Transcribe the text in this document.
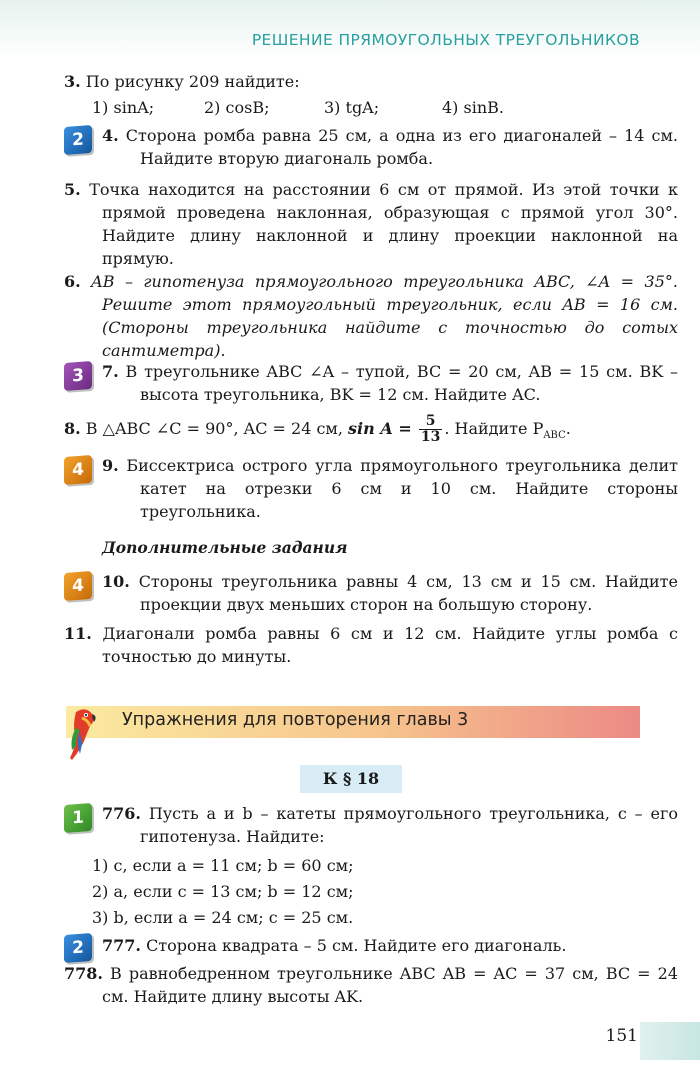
РЕШЕНИЕ ПРЯМОУГОЛЬНЫХ ТРЕУГОЛЬНИКОВ
3. По рисунку 209 найдите:
1) sinA;	2) cosB;	3) tgA;	4) sinB.
2	4. Сторона ромба равна 25 см, а одна из его диагоналей – 14 см. Найдите вторую диагональ ромба.
5. Точка находится на расстоянии 6 см от прямой. Из этой точки к прямой проведена наклонная, образующая с прямой угол 30°. Найдите длину наклонной и длину проекции наклонной на прямую.
6. AB – гипотенуза прямоугольного треугольника ABC, ∠A = 35°. Решите этот прямоугольный треугольник, если AB = 16 см. (Стороны треугольника найдите с точностью до сотых сантиметра).
3	7. В треугольнике ABC ∠A – тупой, BC = 20 см, AB = 15 см. BK – высота треугольника, BK = 12 см. Найдите AC.
8. В △ABC ∠C = 90°, AC = 24 см, $\sin A = \frac{5}{13}$ . Найдите $P_{ABC}$.
4	9. Биссектриса острого угла прямоугольного треугольника делит катет на отрезки 6 см и 10 см. Найдите стороны треугольника.
Дополнительные задания
4	10. Стороны треугольника равны 4 см, 13 см и 15 см. Найдите проекции двух меньших сторон на большую сторону.
11. Диагонали ромба равны 6 см и 12 см. Найдите углы ромба с точностью до минуты.
Упражнения для повторения главы 3
К § 18
1	776. Пусть a и b – катеты прямоугольного треугольника, c – его гипотенуза. Найдите:
1) c, если a = 11 см; b = 60 см;
2) a, если c = 13 см; b = 12 см;
3) b, если a = 24 см; c = 25 см.
2	777. Сторона квадрата – 5 см. Найдите его диагональ.
778. В равнобедренном треугольнике ABC AB = AC = 37 см, BC = 24 см. Найдите длину высоты AK.
151
